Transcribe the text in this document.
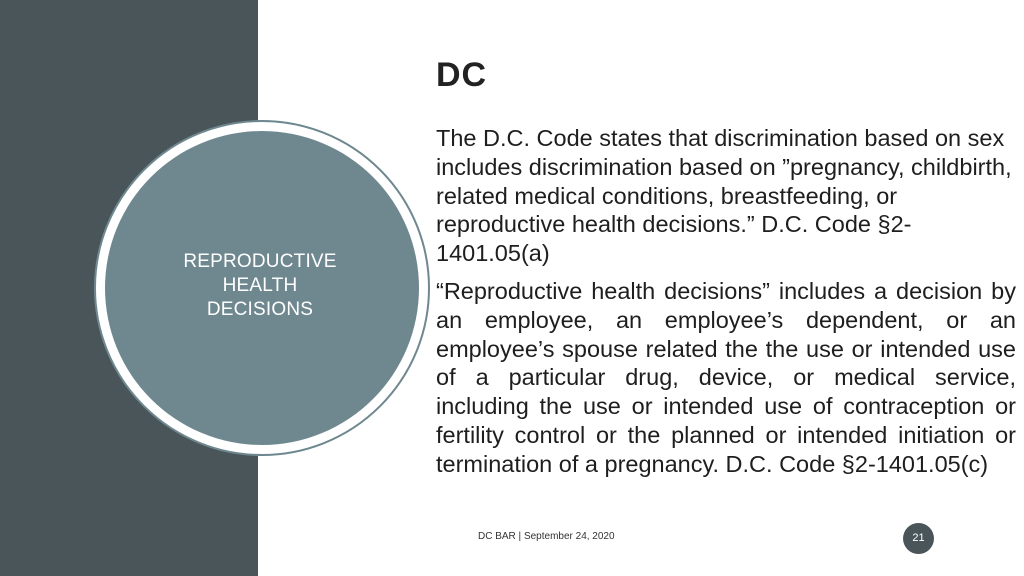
REPRODUCTIVE
HEALTH
DECISIONS
DC

The D.C. Code states that discrimination based on sex includes discrimination based on ”pregnancy, childbirth, related medical conditions, breastfeeding, or reproductive health decisions.” D.C. Code §2-1401.05(a)

“Reproductive health decisions” includes a decision by an employee, an employee’s dependent, or an employee’s spouse related the the use or intended use of a particular drug, device, or medical service, including the use or intended use of contraception or fertility control or the planned or intended initiation or termination of a pregnancy. D.C. Code §2-1401.05(c)

DC BAR | September 24, 2020	21
